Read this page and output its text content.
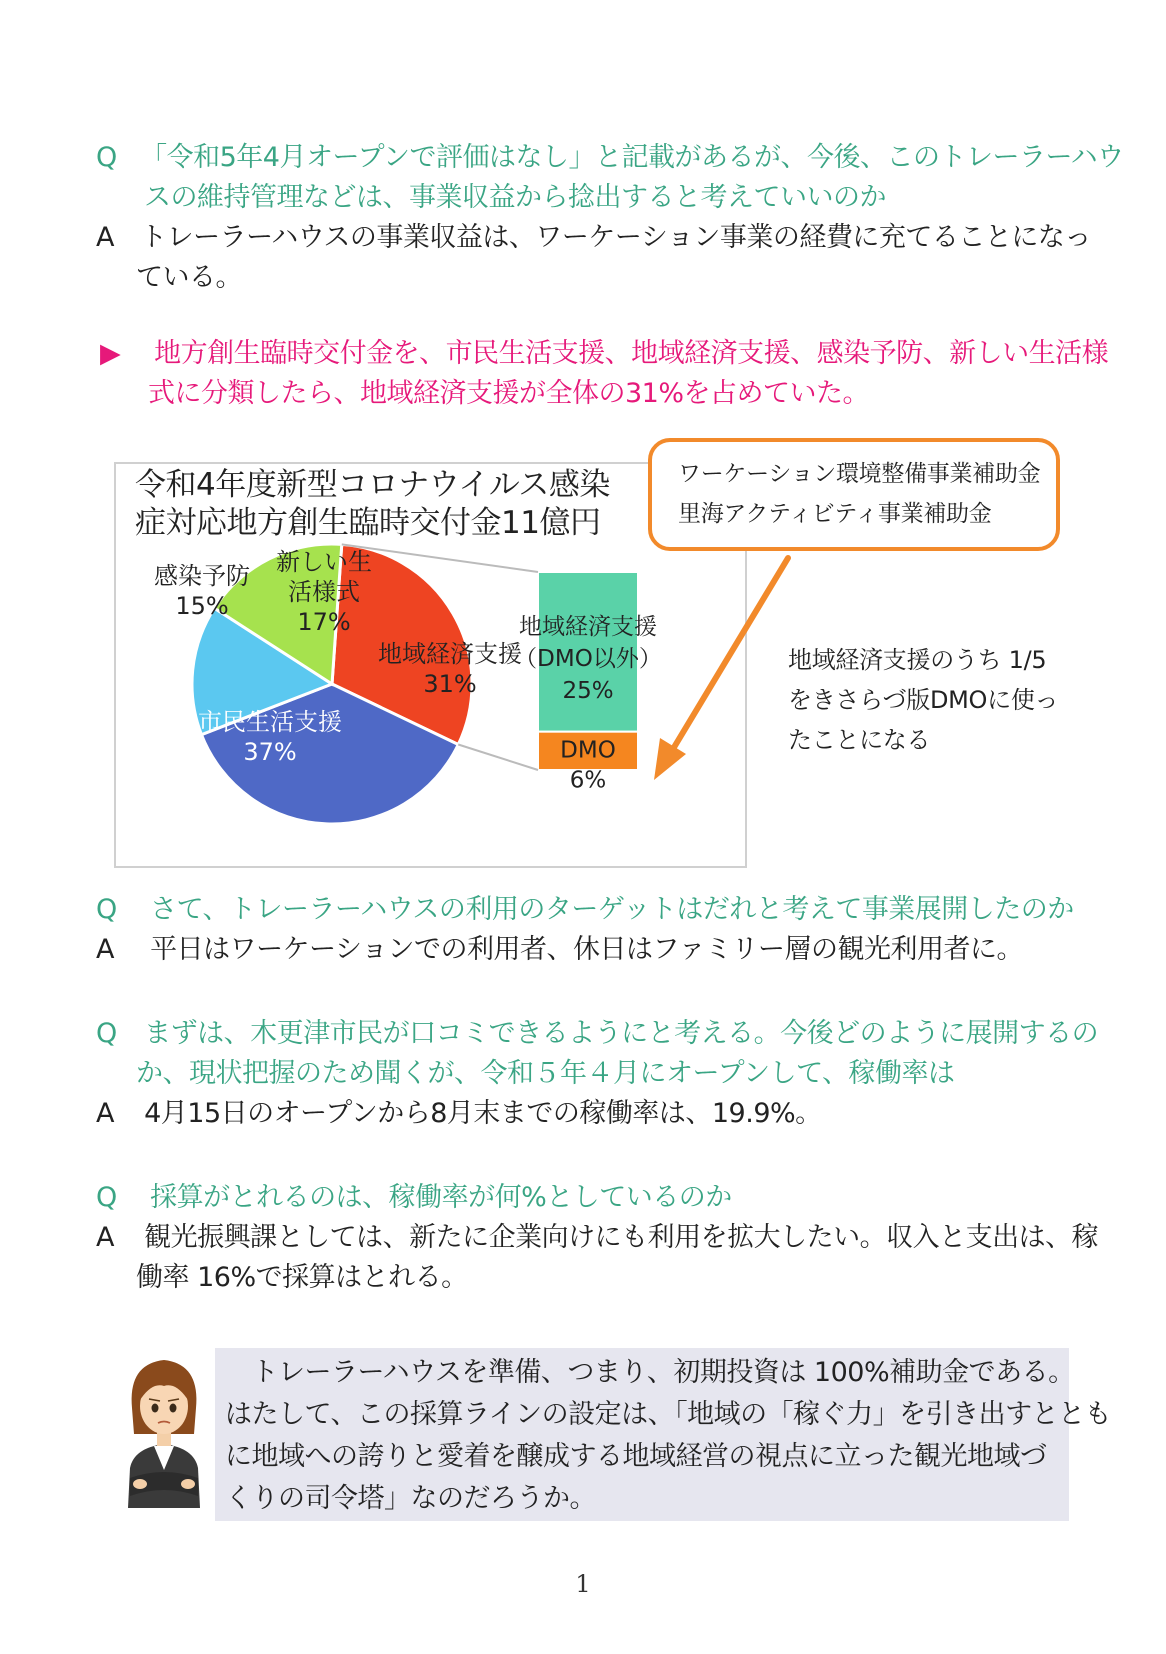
Q 「令和5年4月オープンで評価はなし」と記載があるが、今後、このトレーラーハウ
スの維持管理などは、事業収益から捻出すると考えていいのか
A トレーラーハウスの事業収益は、ワーケーション事業の経費に充てることになっ
ている。
▶ 地方創生臨時交付金を、市民生活支援、地域経済支援、感染予防、新しい生活様
式に分類したら、地域経済支援が全体の31%を占めていた。
地域経済支援
31%
市民生活支援
37%
感染予防
15%
新しい生
活様式
17%	地域経済支援
（DMO以外）
25%
DMO
6%
令和4年度新型コロナウイルス感染
症対応地方創生臨時交付金11億円
ワーケーション環境整備事業補助金
里海アクティビティ事業補助金
地域経済支援のうち 1/5
をきさらづ版DMOに使っ
たことになる
Q さて、トレーラーハウスの利用のターゲットはだれと考えて事業展開したのか
A 平日はワーケーションでの利用者、休日はファミリー層の観光利用者に。
Q まずは、木更津市民が口コミできるようにと考える。今後どのように展開するの
か、現状把握のため聞くが、令和５年４月にオープンして、稼働率は
A 4月15日のオープンから8月末までの稼働率は、19.9%。
Q 採算がとれるのは、稼働率が何%としているのか
A 観光振興課としては、新たに企業向けにも利用を拡大したい。収入と支出は、稼
働率 16%で採算はとれる。
　トレーラーハウスを準備、つまり、初期投資は 100%補助金である。
はたして、この採算ラインの設定は、「地域の「稼ぐ力」を引き出すととも
に地域への誇りと愛着を醸成する地域経営の視点に立った観光地域づ
くりの司令塔」なのだろうか。
1
